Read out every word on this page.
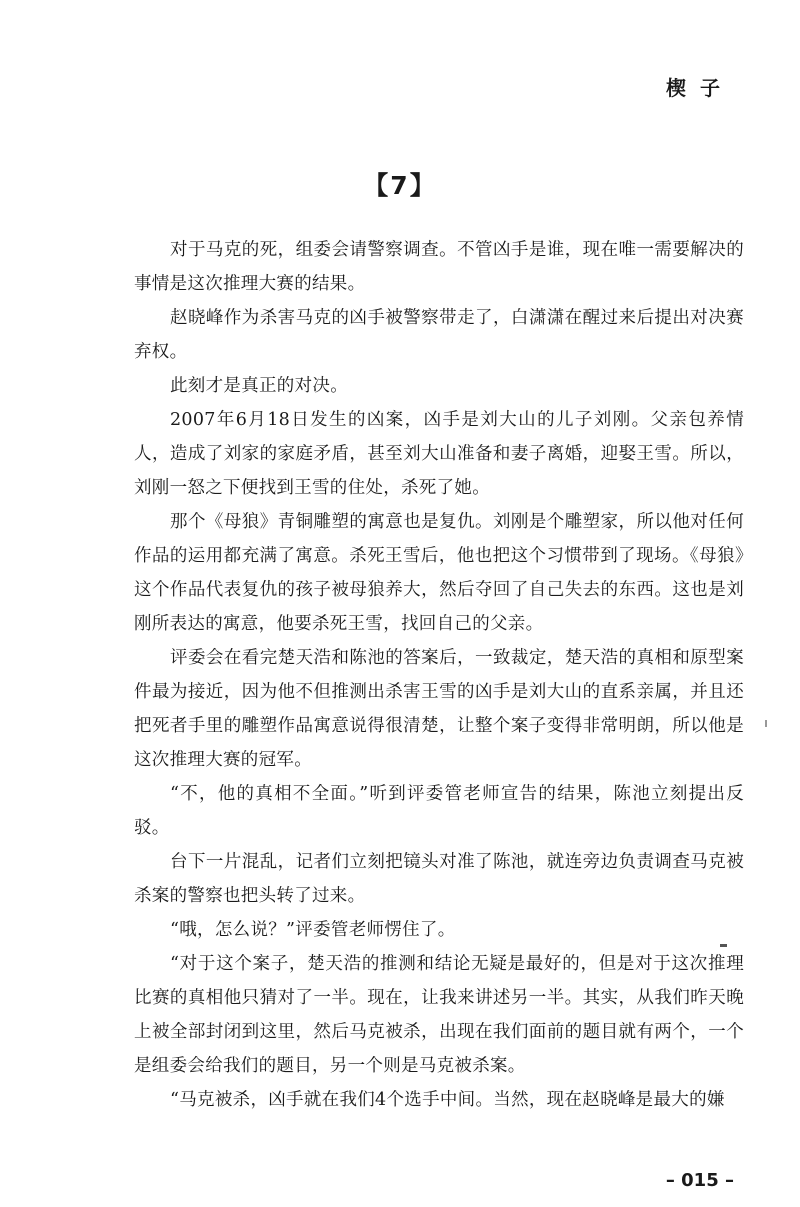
楔子
【7】

对于马克的死，组委会请警察调查。不管凶手是谁，现在唯一需要解决的事情是这次推理大赛的结果。

赵晓峰作为杀害马克的凶手被警察带走了，白潇潇在醒过来后提出对决赛弃权。

此刻才是真正的对决。

2007年6月18日发生的凶案，凶手是刘大山的儿子刘刚。父亲包养情人，造成了刘家的家庭矛盾，甚至刘大山准备和妻子离婚，迎娶王雪。所以，刘刚一怒之下便找到王雪的住处，杀死了她。

那个《母狼》青铜雕塑的寓意也是复仇。刘刚是个雕塑家，所以他对任何作品的运用都充满了寓意。杀死王雪后，他也把这个习惯带到了现场。《母狼》这个作品代表复仇的孩子被母狼养大，然后夺回了自己失去的东西。这也是刘刚所表达的寓意，他要杀死王雪，找回自己的父亲。

评委会在看完楚天浩和陈池的答案后，一致裁定，楚天浩的真相和原型案件最为接近，因为他不但推测出杀害王雪的凶手是刘大山的直系亲属，并且还把死者手里的雕塑作品寓意说得很清楚，让整个案子变得非常明朗，所以他是这次推理大赛的冠军。

“不，他的真相不全面。”听到评委管老师宣告的结果，陈池立刻提出反驳。

台下一片混乱，记者们立刻把镜头对准了陈池，就连旁边负责调查马克被杀案的警察也把头转了过来。

“哦，怎么说？”评委管老师愣住了。

“对于这个案子，楚天浩的推测和结论无疑是最好的，但是对于这次推理比赛的真相他只猜对了一半。现在，让我来讲述另一半。其实，从我们昨天晚上被全部封闭到这里，然后马克被杀，出现在我们面前的题目就有两个，一个是组委会给我们的题目，另一个则是马克被杀案。

“马克被杀，凶手就在我们4个选手中间。当然，现在赵晓峰是最大的嫌

– 015 –
